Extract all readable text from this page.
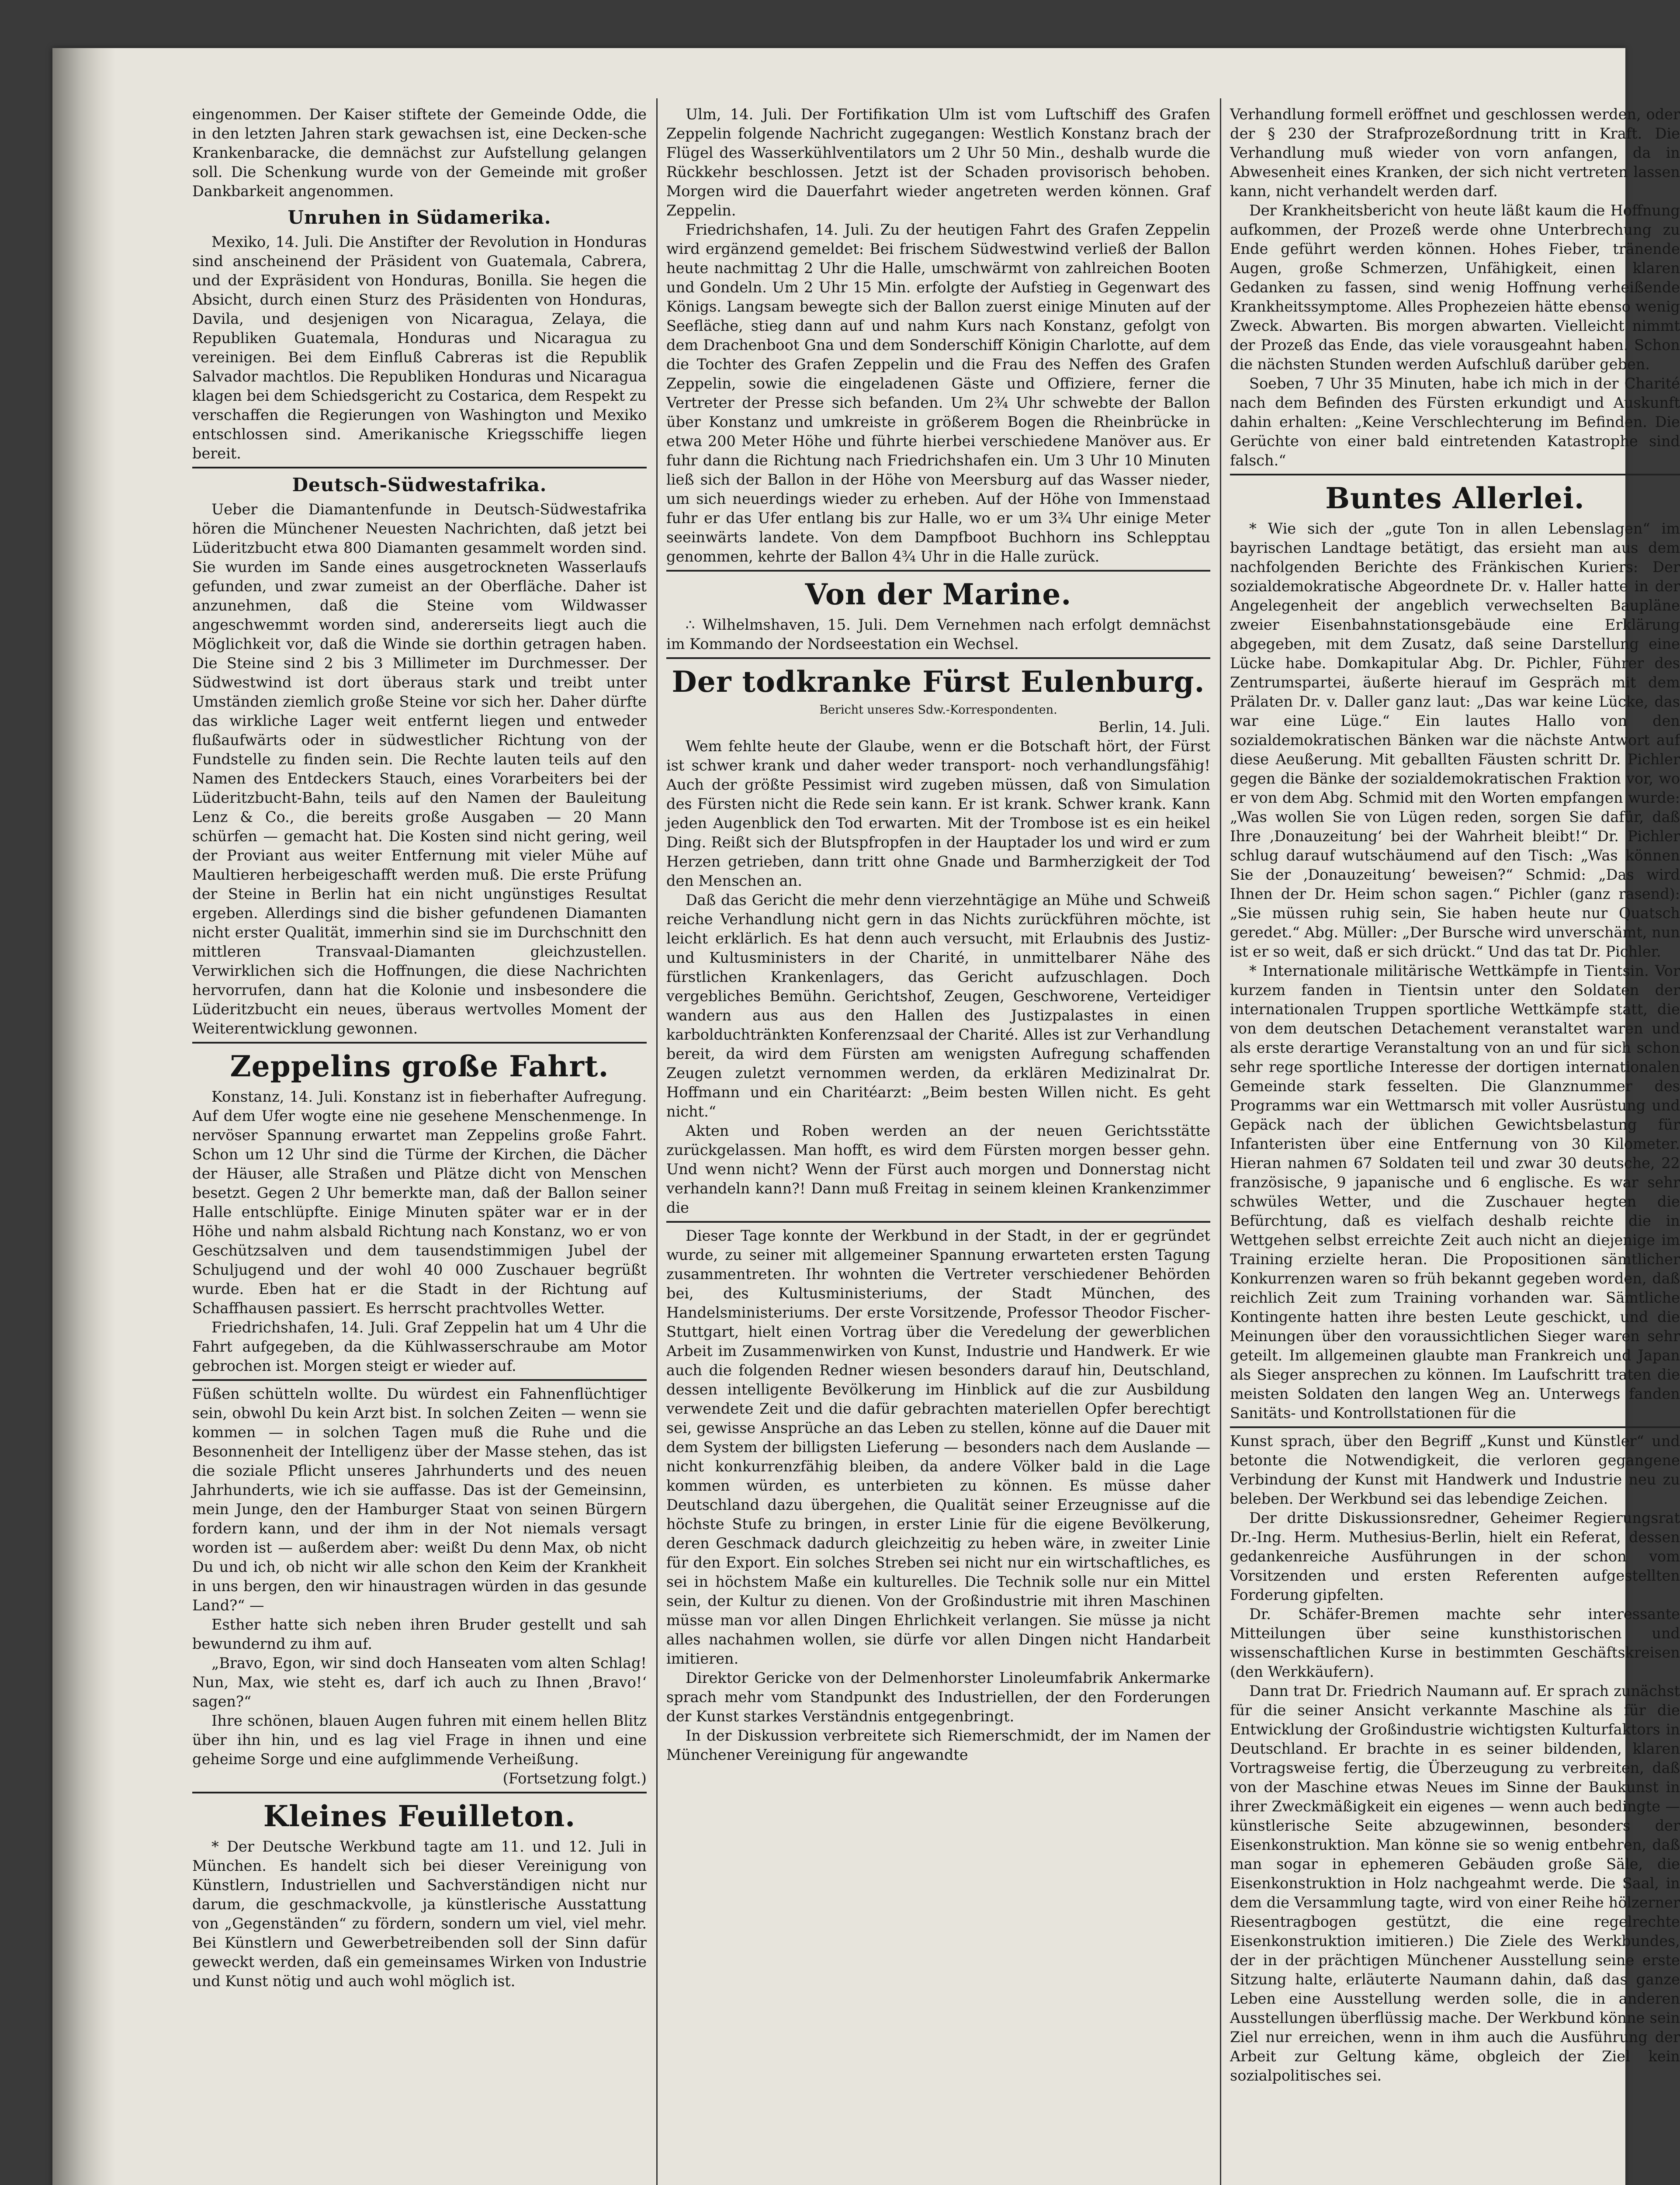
eingenommen. Der Kaiser stiftete der Gemeinde Odde, die in den letzten Jahren stark gewachsen ist, eine Decken-sche Krankenbaracke, die demnächst zur Aufstellung gelangen soll. Die Schenkung wurde von der Gemeinde mit großer Dankbarkeit angenommen.

Unruhen in Südamerika.

Mexiko, 14. Juli. Die Anstifter der Revolution in Honduras sind anscheinend der Präsident von Guatemala, Cabrera, und der Expräsident von Honduras, Bonilla. Sie hegen die Absicht, durch einen Sturz des Präsidenten von Honduras, Davila, und desjenigen von Nicaragua, Zelaya, die Republiken Guatemala, Honduras und Nicaragua zu vereinigen. Bei dem Einfluß Cabreras ist die Republik Salvador machtlos. Die Republiken Honduras und Nicaragua klagen bei dem Schiedsgericht zu Costarica, dem Respekt zu verschaffen die Regierungen von Washington und Mexiko entschlossen sind. Amerikanische Kriegsschiffe liegen bereit.

Deutsch-Südwestafrika.

Ueber die Diamantenfunde in Deutsch-Südwestafrika hören die Münchener Neuesten Nachrichten, daß jetzt bei Lüderitzbucht etwa 800 Diamanten gesammelt worden sind. Sie wurden im Sande eines ausgetrockneten Wasserlaufs gefunden, und zwar zumeist an der Oberfläche. Daher ist anzunehmen, daß die Steine vom Wildwasser angeschwemmt worden sind, andererseits liegt auch die Möglichkeit vor, daß die Winde sie dorthin getragen haben. Die Steine sind 2 bis 3 Millimeter im Durchmesser. Der Südwestwind ist dort überaus stark und treibt unter Umständen ziemlich große Steine vor sich her. Daher dürfte das wirkliche Lager weit entfernt liegen und entweder flußaufwärts oder in südwestlicher Richtung von der Fundstelle zu finden sein. Die Rechte lauten teils auf den Namen des Entdeckers Stauch, eines Vorarbeiters bei der Lüderitzbucht-Bahn, teils auf den Namen der Bauleitung Lenz & Co., die bereits große Ausgaben — 20 Mann schürfen — gemacht hat. Die Kosten sind nicht gering, weil der Proviant aus weiter Entfernung mit vieler Mühe auf Maultieren herbeigeschafft werden muß. Die erste Prüfung der Steine in Berlin hat ein nicht ungünstiges Resultat ergeben. Allerdings sind die bisher gefundenen Diamanten nicht erster Qualität, immerhin sind sie im Durchschnitt den mittleren Transvaal-Diamanten gleichzustellen. Verwirklichen sich die Hoffnungen, die diese Nachrichten hervorrufen, dann hat die Kolonie und insbesondere die Lüderitzbucht ein neues, überaus wertvolles Moment der Weiterentwicklung gewonnen.

Zeppelins große Fahrt.

Konstanz, 14. Juli. Konstanz ist in fieberhafter Aufregung. Auf dem Ufer wogte eine nie gesehene Menschenmenge. In nervöser Spannung erwartet man Zeppelins große Fahrt. Schon um 12 Uhr sind die Türme der Kirchen, die Dächer der Häuser, alle Straßen und Plätze dicht von Menschen besetzt. Gegen 2 Uhr bemerkte man, daß der Ballon seiner Halle entschlüpfte. Einige Minuten später war er in der Höhe und nahm alsbald Richtung nach Konstanz, wo er von Geschützsalven und dem tausendstimmigen Jubel der Schuljugend und der wohl 40 000 Zuschauer begrüßt wurde. Eben hat er die Stadt in der Richtung auf Schaffhausen passiert. Es herrscht prachtvolles Wetter.

Friedrichshafen, 14. Juli. Graf Zeppelin hat um 4 Uhr die Fahrt aufgegeben, da die Kühlwasserschraube am Motor gebrochen ist. Morgen steigt er wieder auf.

Füßen schütteln wollte. Du würdest ein Fahnenflüchtiger sein, obwohl Du kein Arzt bist. In solchen Zeiten — wenn sie kommen — in solchen Tagen muß die Ruhe und die Besonnenheit der Intelligenz über der Masse stehen, das ist die soziale Pflicht unseres Jahrhunderts und des neuen Jahrhunderts, wie ich sie auffasse. Das ist der Gemeinsinn, mein Junge, den der Hamburger Staat von seinen Bürgern fordern kann, und der ihm in der Not niemals versagt worden ist — außerdem aber: weißt Du denn Max, ob nicht Du und ich, ob nicht wir alle schon den Keim der Krankheit in uns bergen, den wir hinaustragen würden in das gesunde Land?“ —

Esther hatte sich neben ihren Bruder gestellt und sah bewundernd zu ihm auf.

„Bravo, Egon, wir sind doch Hanseaten vom alten Schlag! Nun, Max, wie steht es, darf ich auch zu Ihnen ‚Bravo!‘ sagen?“

Ihre schönen, blauen Augen fuhren mit einem hellen Blitz über ihn hin, und es lag viel Frage in ihnen und eine geheime Sorge und eine aufglimmende Verheißung.

(Fortsetzung folgt.)

Kleines Feuilleton.

* Der Deutsche Werkbund tagte am 11. und 12. Juli in München. Es handelt sich bei dieser Vereinigung von Künstlern, Industriellen und Sachverständigen nicht nur darum, die geschmackvolle, ja künstlerische Ausstattung von „Gegenständen“ zu fördern, sondern um viel, viel mehr. Bei Künstlern und Gewerbetreibenden soll der Sinn dafür geweckt werden, daß ein gemeinsames Wirken von Industrie und Kunst nötig und auch wohl möglich ist.

Ulm, 14. Juli. Der Fortifikation Ulm ist vom Luftschiff des Grafen Zeppelin folgende Nachricht zugegangen: Westlich Konstanz brach der Flügel des Wasserkühlventilators um 2 Uhr 50 Min., deshalb wurde die Rückkehr beschlossen. Jetzt ist der Schaden provisorisch behoben. Morgen wird die Dauerfahrt wieder angetreten werden können. Graf Zeppelin.

Friedrichshafen, 14. Juli. Zu der heutigen Fahrt des Grafen Zeppelin wird ergänzend gemeldet: Bei frischem Südwestwind verließ der Ballon heute nachmittag 2 Uhr die Halle, umschwärmt von zahlreichen Booten und Gondeln. Um 2 Uhr 15 Min. erfolgte der Aufstieg in Gegenwart des Königs. Langsam bewegte sich der Ballon zuerst einige Minuten auf der Seefläche, stieg dann auf und nahm Kurs nach Konstanz, gefolgt von dem Drachenboot Gna und dem Sonderschiff Königin Charlotte, auf dem die Tochter des Grafen Zeppelin und die Frau des Neffen des Grafen Zeppelin, sowie die eingeladenen Gäste und Offiziere, ferner die Vertreter der Presse sich befanden. Um 2¾ Uhr schwebte der Ballon über Konstanz und umkreiste in größerem Bogen die Rheinbrücke in etwa 200 Meter Höhe und führte hierbei verschiedene Manöver aus. Er fuhr dann die Richtung nach Friedrichshafen ein. Um 3 Uhr 10 Minuten ließ sich der Ballon in der Höhe von Meersburg auf das Wasser nieder, um sich neuerdings wieder zu erheben. Auf der Höhe von Immenstaad fuhr er das Ufer entlang bis zur Halle, wo er um 3¾ Uhr einige Meter seeinwärts landete. Von dem Dampfboot Buchhorn ins Schlepptau genommen, kehrte der Ballon 4¾ Uhr in die Halle zurück.

Von der Marine.

∴ Wilhelmshaven, 15. Juli. Dem Vernehmen nach erfolgt demnächst im Kommando der Nordseestation ein Wechsel.

Der todkranke Fürst Eulenburg.
Bericht unseres Sdw.-Korrespondenten.

Berlin, 14. Juli.

Wem fehlte heute der Glaube, wenn er die Botschaft hört, der Fürst ist schwer krank und daher weder transport- noch verhandlungsfähig! Auch der größte Pessimist wird zugeben müssen, daß von Simulation des Fürsten nicht die Rede sein kann. Er ist krank. Schwer krank. Kann jeden Augenblick den Tod erwarten. Mit der Trombose ist es ein heikel Ding. Reißt sich der Blutspfropfen in der Hauptader los und wird er zum Herzen getrieben, dann tritt ohne Gnade und Barmherzigkeit der Tod den Menschen an.

Daß das Gericht die mehr denn vierzehntägige an Mühe und Schweiß reiche Verhandlung nicht gern in das Nichts zurückführen möchte, ist leicht erklärlich. Es hat denn auch versucht, mit Erlaubnis des Justiz- und Kultusministers in der Charité, in unmittelbarer Nähe des fürstlichen Krankenlagers, das Gericht aufzuschlagen. Doch vergebliches Bemühn. Gerichtshof, Zeugen, Geschworene, Verteidiger wandern aus aus den Hallen des Justizpalastes in einen karbolduchtränkten Konferenzsaal der Charité. Alles ist zur Verhandlung bereit, da wird dem Fürsten am wenigsten Aufregung schaffenden Zeugen zuletzt vernommen werden, da erklären Medizinalrat Dr. Hoffmann und ein Charitéarzt: „Beim besten Willen nicht. Es geht nicht.“

Akten und Roben werden an der neuen Gerichtsstätte zurückgelassen. Man hofft, es wird dem Fürsten morgen besser gehn. Und wenn nicht? Wenn der Fürst auch morgen und Donnerstag nicht verhandeln kann?! Dann muß Freitag in seinem kleinen Krankenzimmer die

Dieser Tage konnte der Werkbund in der Stadt, in der er gegründet wurde, zu seiner mit allgemeiner Spannung erwarteten ersten Tagung zusammentreten. Ihr wohnten die Vertreter verschiedener Behörden bei, des Kultusministeriums, der Stadt München, des Handelsministeriums. Der erste Vorsitzende, Professor Theodor Fischer-Stuttgart, hielt einen Vortrag über die Veredelung der gewerblichen Arbeit im Zusammenwirken von Kunst, Industrie und Handwerk. Er wie auch die folgenden Redner wiesen besonders darauf hin, Deutschland, dessen intelligente Bevölkerung im Hinblick auf die zur Ausbildung verwendete Zeit und die dafür gebrachten materiellen Opfer berechtigt sei, gewisse Ansprüche an das Leben zu stellen, könne auf die Dauer mit dem System der billigsten Lieferung — besonders nach dem Auslande — nicht konkurrenzfähig bleiben, da andere Völker bald in die Lage kommen würden, es unterbieten zu können. Es müsse daher Deutschland dazu übergehen, die Qualität seiner Erzeugnisse auf die höchste Stufe zu bringen, in erster Linie für die eigene Bevölkerung, deren Geschmack dadurch gleichzeitig zu heben wäre, in zweiter Linie für den Export. Ein solches Streben sei nicht nur ein wirtschaftliches, es sei in höchstem Maße ein kulturelles. Die Technik solle nur ein Mittel sein, der Kultur zu dienen. Von der Großindustrie mit ihren Maschinen müsse man vor allen Dingen Ehrlichkeit verlangen. Sie müsse ja nicht alles nachahmen wollen, sie dürfe vor allen Dingen nicht Handarbeit imitieren.

Direktor Gericke von der Delmenhorster Linoleumfabrik Ankermarke sprach mehr vom Standpunkt des Industriellen, der den Forderungen der Kunst starkes Verständnis entgegenbringt.

In der Diskussion verbreitete sich Riemerschmidt, der im Namen der Münchener Vereinigung für angewandte

Verhandlung formell eröffnet und geschlossen werden, oder der § 230 der Strafprozeßordnung tritt in Kraft. Die Verhandlung muß wieder von vorn anfangen, da in Abwesenheit eines Kranken, der sich nicht vertreten lassen kann, nicht verhandelt werden darf.

Der Krankheitsbericht von heute läßt kaum die Hoffnung aufkommen, der Prozeß werde ohne Unterbrechung zu Ende geführt werden können. Hohes Fieber, tränende Augen, große Schmerzen, Unfähigkeit, einen klaren Gedanken zu fassen, sind wenig Hoffnung verheißende Krankheitssymptome. Alles Prophezeien hätte ebenso wenig Zweck. Abwarten. Bis morgen abwarten. Vielleicht nimmt der Prozeß das Ende, das viele vorausgeahnt haben. Schon die nächsten Stunden werden Aufschluß darüber geben.

Soeben, 7 Uhr 35 Minuten, habe ich mich in der Charité nach dem Befinden des Fürsten erkundigt und Auskunft dahin erhalten: „Keine Verschlechterung im Befinden. Die Gerüchte von einer bald eintretenden Katastrophe sind falsch.“

Buntes Allerlei.

* Wie sich der „gute Ton in allen Lebenslagen“ im bayrischen Landtage betätigt, das ersieht man aus dem nachfolgenden Berichte des Fränkischen Kuriers: Der sozialdemokratische Abgeordnete Dr. v. Haller hatte in der Angelegenheit der angeblich verwechselten Baupläne zweier Eisenbahnstationsgebäude eine Erklärung abgegeben, mit dem Zusatz, daß seine Darstellung eine Lücke habe. Domkapitular Abg. Dr. Pichler, Führer des Zentrumspartei, äußerte hierauf im Gespräch mit dem Prälaten Dr. v. Daller ganz laut: „Das war keine Lücke, das war eine Lüge.“ Ein lautes Hallo von den sozialdemokratischen Bänken war die nächste Antwort auf diese Aeußerung. Mit geballten Fäusten schritt Dr. Pichler gegen die Bänke der sozialdemokratischen Fraktion vor, wo er von dem Abg. Schmid mit den Worten empfangen wurde: „Was wollen Sie von Lügen reden, sorgen Sie dafür, daß Ihre ‚Donauzeitung‘ bei der Wahrheit bleibt!“ Dr. Pichler schlug darauf wutschäumend auf den Tisch: „Was können Sie der ‚Donauzeitung‘ beweisen?“ Schmid: „Das wird Ihnen der Dr. Heim schon sagen.“ Pichler (ganz rasend): „Sie müssen ruhig sein, Sie haben heute nur Quatsch geredet.“ Abg. Müller: „Der Bursche wird unverschämt, nun ist er so weit, daß er sich drückt.“ Und das tat Dr. Pichler.

* Internationale militärische Wettkämpfe in Tientsin. Vor kurzem fanden in Tientsin unter den Soldaten der internationalen Truppen sportliche Wettkämpfe statt, die von dem deutschen Detachement veranstaltet waren und als erste derartige Veranstaltung von an und für sich schon sehr rege sportliche Interesse der dortigen internationalen Gemeinde stark fesselten. Die Glanznummer des Programms war ein Wettmarsch mit voller Ausrüstung und Gepäck nach der üblichen Gewichtsbelastung für Infanteristen über eine Entfernung von 30 Kilometer. Hieran nahmen 67 Soldaten teil und zwar 30 deutsche, 22 französische, 9 japanische und 6 englische. Es war sehr schwüles Wetter, und die Zuschauer hegten die Befürchtung, daß es vielfach deshalb reichte die in Wettgehen selbst erreichte Zeit auch nicht an diejenige im Training erzielte heran. Die Propositionen sämtlicher Konkurrenzen waren so früh bekannt gegeben worden, daß reichlich Zeit zum Training vorhanden war. Sämtliche Kontingente hatten ihre besten Leute geschickt, und die Meinungen über den voraussichtlichen Sieger waren sehr geteilt. Im allgemeinen glaubte man Frankreich und Japan als Sieger ansprechen zu können. Im Laufschritt traten die meisten Soldaten den langen Weg an. Unterwegs fanden Sanitäts- und Kontrollstationen für die

Kunst sprach, über den Begriff „Kunst und Künstler“ und betonte die Notwendigkeit, die verloren gegangene Verbindung der Kunst mit Handwerk und Industrie neu zu beleben. Der Werkbund sei das lebendige Zeichen.

Der dritte Diskussionsredner, Geheimer Regierungsrat Dr.-Ing. Herm. Muthesius-Berlin, hielt ein Referat, dessen gedankenreiche Ausführungen in der schon vom Vorsitzenden und ersten Referenten aufgestellten Forderung gipfelten.

Dr. Schäfer-Bremen machte sehr interessante Mitteilungen über seine kunsthistorischen und wissenschaftlichen Kurse in bestimmten Geschäftskreisen (den Werkkäufern).

Dann trat Dr. Friedrich Naumann auf. Er sprach zunächst für die seiner Ansicht verkannte Maschine als für die Entwicklung der Großindustrie wichtigsten Kulturfaktors in Deutschland. Er brachte in es seiner bildenden, klaren Vortragsweise fertig, die Überzeugung zu verbreiten, daß von der Maschine etwas Neues im Sinne der Baukunst in ihrer Zweckmäßigkeit ein eigenes — wenn auch bedingte — künstlerische Seite abzugewinnen, besonders der Eisenkonstruktion. Man könne sie so wenig entbehren, daß man sogar in ephemeren Gebäuden große Säle, die Eisenkonstruktion in Holz nachgeahmt werde. Die Saal, in dem die Versammlung tagte, wird von einer Reihe hölzerner Riesentragbogen gestützt, die eine regelrechte Eisenkonstruktion imitieren.) Die Ziele des Werkbundes, der in der prächtigen Münchener Ausstellung seine erste Sitzung halte, erläuterte Naumann dahin, daß das ganze Leben eine Ausstellung werden solle, die in anderen Ausstellungen überflüssig mache. Der Werkbund könne sein Ziel nur erreichen, wenn in ihm auch die Ausführung der Arbeit zur Geltung käme, obgleich der Ziel kein sozialpolitisches sei.
